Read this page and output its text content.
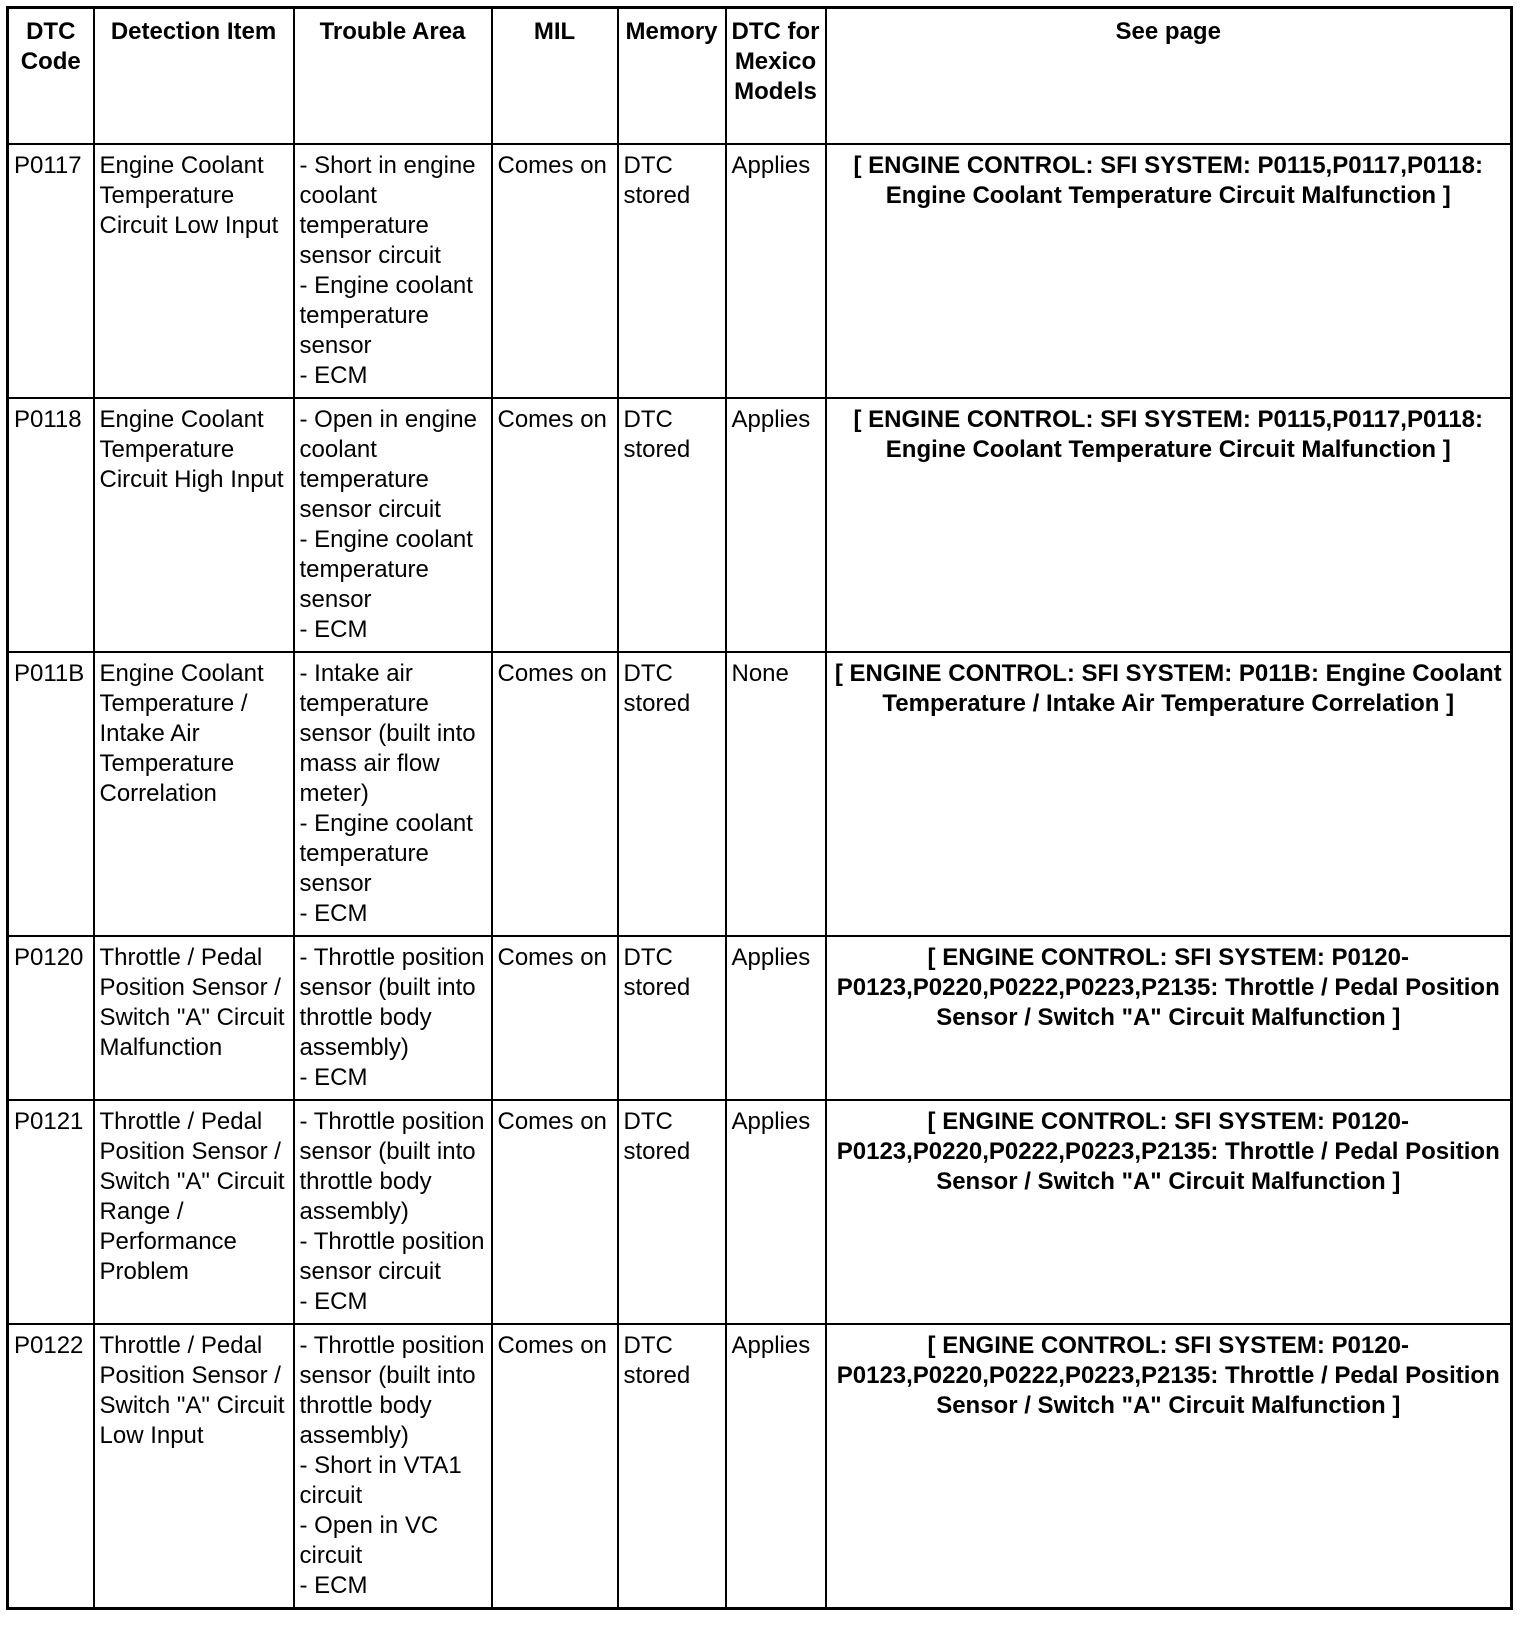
DTC Code	Detection Item	Trouble Area	MIL	Memory	DTC for Mexico Models	See page
P0117	Engine Coolant Temperature Circuit Low Input	- Short in engine coolant temperature sensor circuit
- Engine coolant temperature sensor
- ECM	Comes on	DTC stored	Applies	[ ENGINE CONTROL: SFI SYSTEM: P0115,P0117,P0118: Engine Coolant Temperature Circuit Malfunction ]
P0118	Engine Coolant Temperature Circuit High Input	- Open in engine coolant temperature sensor circuit
- Engine coolant temperature sensor
- ECM	Comes on	DTC stored	Applies	[ ENGINE CONTROL: SFI SYSTEM: P0115,P0117,P0118: Engine Coolant Temperature Circuit Malfunction ]
P011B	Engine Coolant Temperature / Intake Air Temperature Correlation	- Intake air temperature sensor (built into mass air flow meter)
- Engine coolant temperature sensor
- ECM	Comes on	DTC stored	None	[ ENGINE CONTROL: SFI SYSTEM: P011B: Engine Coolant Temperature / Intake Air Temperature Correlation ]
P0120	Throttle / Pedal Position Sensor / Switch "A" Circuit Malfunction	- Throttle position sensor (built into throttle body assembly)
- ECM	Comes on	DTC stored	Applies	[ ENGINE CONTROL: SFI SYSTEM: P0120-P0123,P0220,P0222,P0223,P2135: Throttle / Pedal Position Sensor / Switch "A" Circuit Malfunction ]
P0121	Throttle / Pedal Position Sensor / Switch "A" Circuit Range / Performance Problem	- Throttle position sensor (built into throttle body assembly)
- Throttle position sensor circuit
- ECM	Comes on	DTC stored	Applies	[ ENGINE CONTROL: SFI SYSTEM: P0120-P0123,P0220,P0222,P0223,P2135: Throttle / Pedal Position Sensor / Switch "A" Circuit Malfunction ]
P0122	Throttle / Pedal Position Sensor / Switch "A" Circuit Low Input	- Throttle position sensor (built into throttle body assembly)
- Short in VTA1 circuit
- Open in VC circuit
- ECM	Comes on	DTC stored	Applies	[ ENGINE CONTROL: SFI SYSTEM: P0120-P0123,P0220,P0222,P0223,P2135: Throttle / Pedal Position Sensor / Switch "A" Circuit Malfunction ]
